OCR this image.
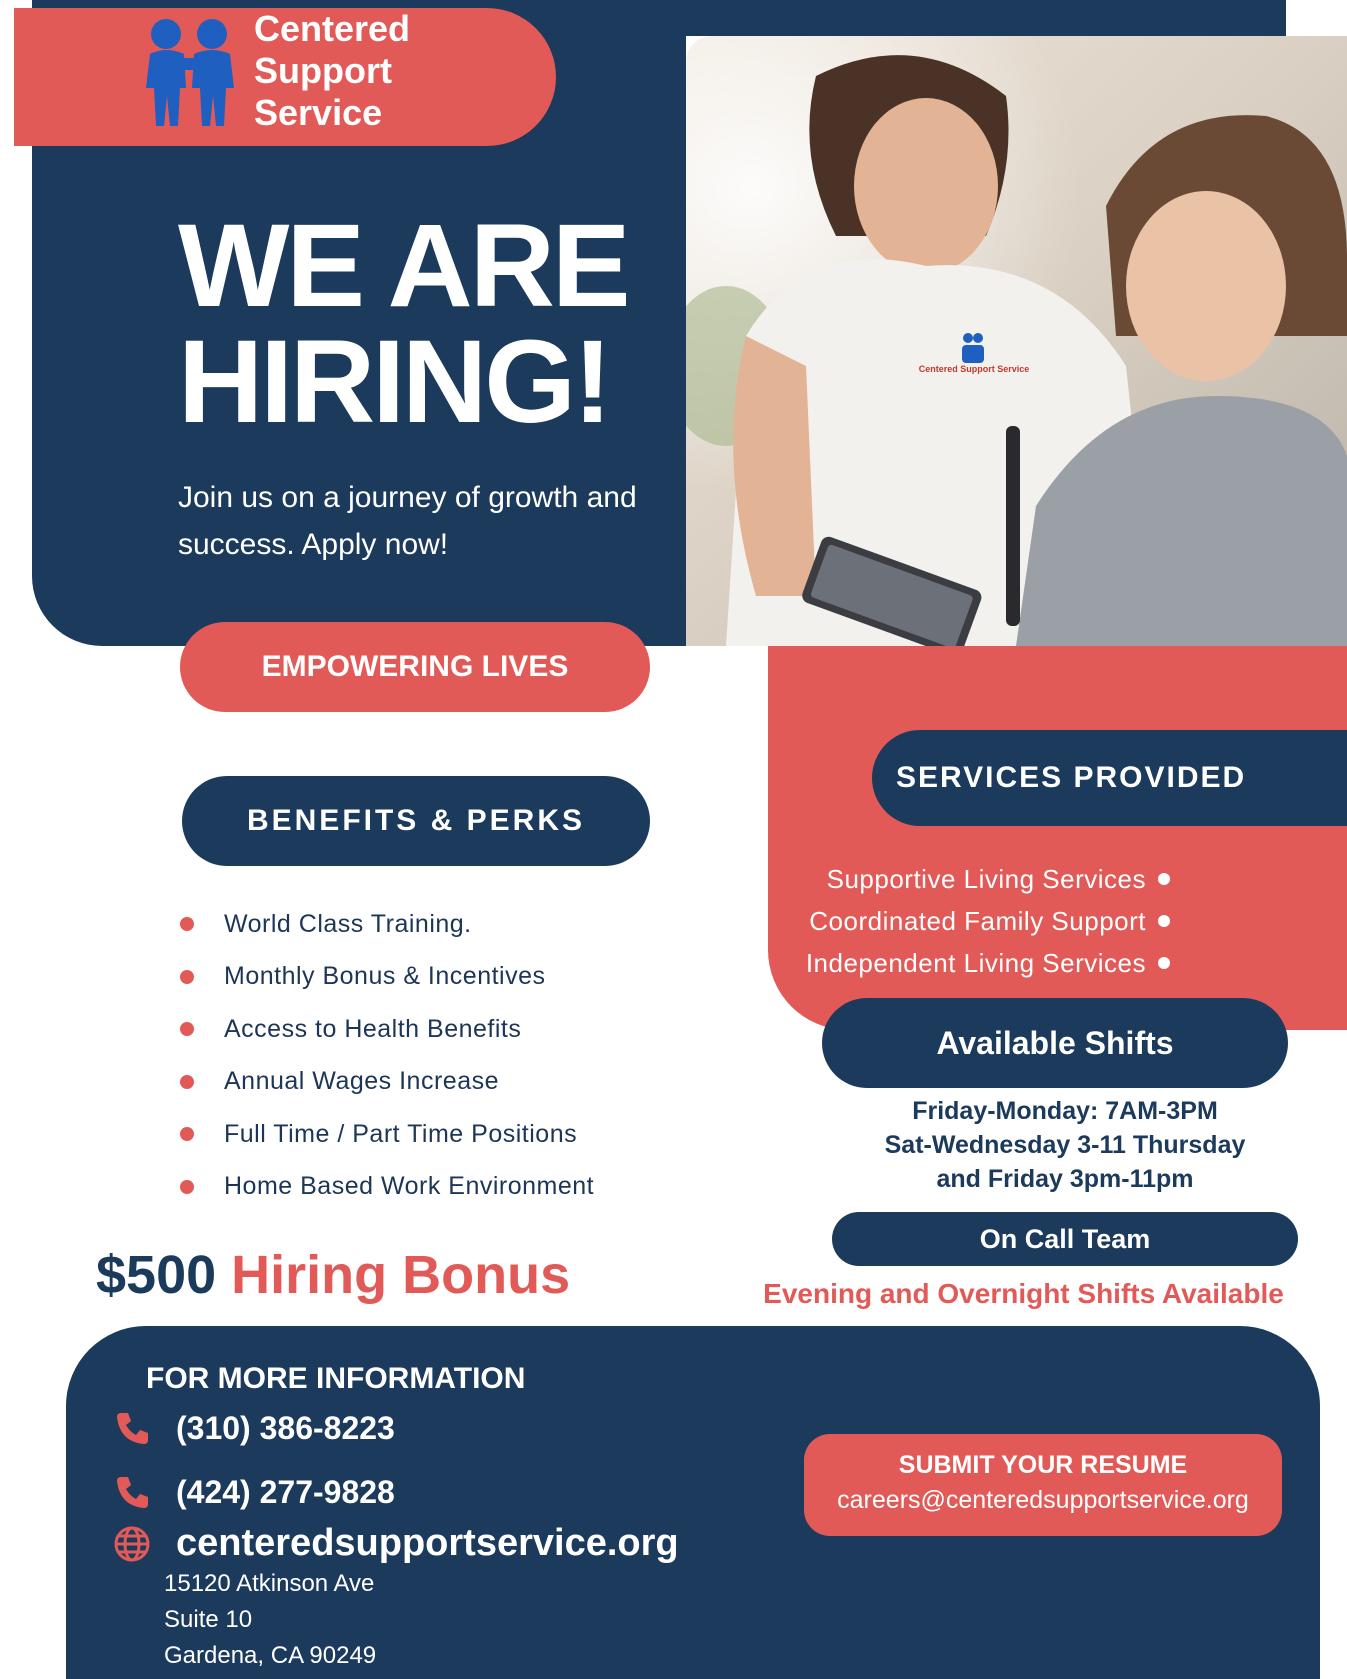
Centered
Support
Service
WE ARE
HIRING!
Join us on a journey of growth and success. Apply now!
Centered Support Service
EMPOWERING LIVES
SERVICES PROVIDED
Supportive Living Services
Coordinated Family Support
Independent Living Services
BENEFITS & PERKS
World Class Training.
Monthly Bonus & Incentives
Access to Health Benefits
Annual Wages Increase
Full Time / Part Time Positions
Home Based Work Environment
$500 Hiring Bonus
Available Shifts
Friday-Monday: 7AM-3PM
Sat-Wednesday 3-11 Thursday
and Friday 3pm-11pm
On Call Team
Evening and Overnight Shifts Available
FOR MORE INFORMATION
(310) 386-8223
(424) 277-9828
centeredsupportservice.org
15120 Atkinson Ave
Suite 10
Gardena, CA 90249
SUBMIT YOUR RESUME
careers@centeredsupportservice.org
